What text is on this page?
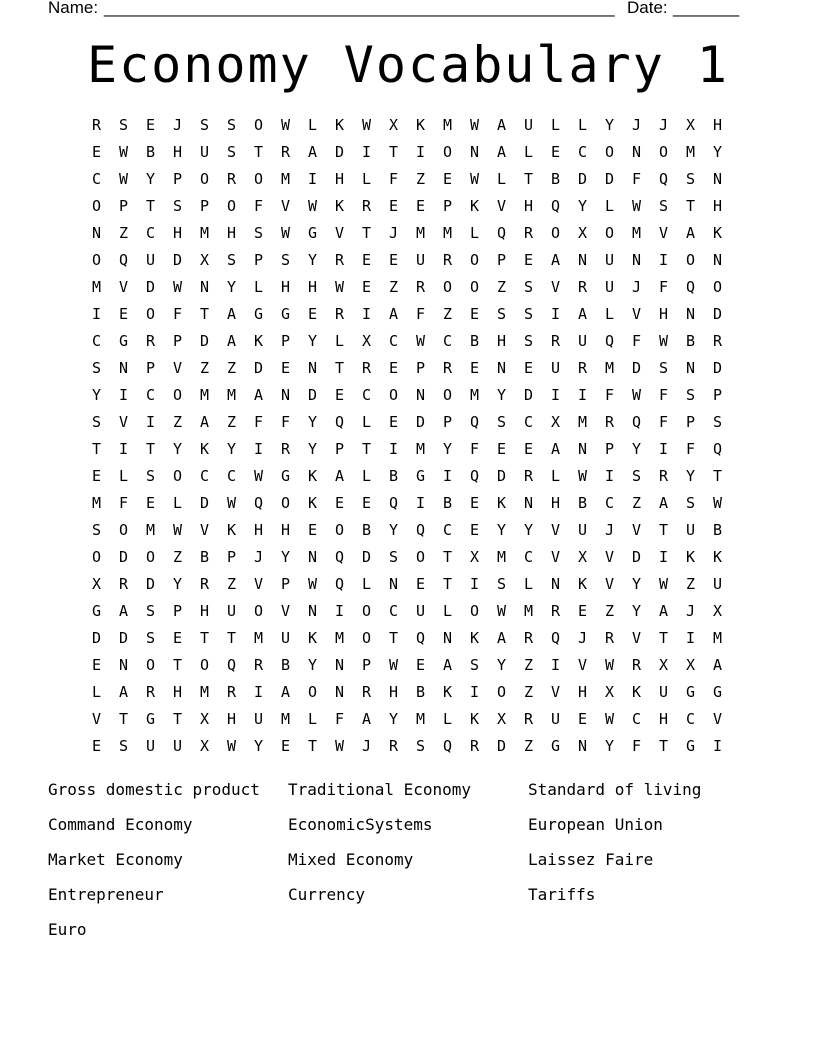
Name: ______________________________________________________ Date: _______
Economy Vocabulary 1
R	S	E	J	S	S	O	W	L	K	W	X	K	M	W	A	U	L	L	Y	J	J	X	H
E	W	B	H	U	S	T	R	A	D	I	T	I	O	N	A	L	E	C	O	N	O	M	Y
C	W	Y	P	O	R	O	M	I	H	L	F	Z	E	W	L	T	B	D	D	F	Q	S	N
O	P	T	S	P	O	F	V	W	K	R	E	E	P	K	V	H	Q	Y	L	W	S	T	H
N	Z	C	H	M	H	S	W	G	V	T	J	M	M	L	Q	R	O	X	O	M	V	A	K
O	Q	U	D	X	S	P	S	Y	R	E	E	U	R	O	P	E	A	N	U	N	I	O	N
M	V	D	W	N	Y	L	H	H	W	E	Z	R	O	O	Z	S	V	R	U	J	F	Q	O
I	E	O	F	T	A	G	G	E	R	I	A	F	Z	E	S	S	I	A	L	V	H	N	D
C	G	R	P	D	A	K	P	Y	L	X	C	W	C	B	H	S	R	U	Q	F	W	B	R
S	N	P	V	Z	Z	D	E	N	T	R	E	P	R	E	N	E	U	R	M	D	S	N	D
Y	I	C	O	M	M	A	N	D	E	C	O	N	O	M	Y	D	I	I	F	W	F	S	P
S	V	I	Z	A	Z	F	F	Y	Q	L	E	D	P	Q	S	C	X	M	R	Q	F	P	S
T	I	T	Y	K	Y	I	R	Y	P	T	I	M	Y	F	E	E	A	N	P	Y	I	F	Q
E	L	S	O	C	C	W	G	K	A	L	B	G	I	Q	D	R	L	W	I	S	R	Y	T
M	F	E	L	D	W	Q	O	K	E	E	Q	I	B	E	K	N	H	B	C	Z	A	S	W
S	O	M	W	V	K	H	H	E	O	B	Y	Q	C	E	Y	Y	V	U	J	V	T	U	B
O	D	O	Z	B	P	J	Y	N	Q	D	S	O	T	X	M	C	V	X	V	D	I	K	K
X	R	D	Y	R	Z	V	P	W	Q	L	N	E	T	I	S	L	N	K	V	Y	W	Z	U
G	A	S	P	H	U	O	V	N	I	O	C	U	L	O	W	M	R	E	Z	Y	A	J	X
D	D	S	E	T	T	M	U	K	M	O	T	Q	N	K	A	R	Q	J	R	V	T	I	M
E	N	O	T	O	Q	R	B	Y	N	P	W	E	A	S	Y	Z	I	V	W	R	X	X	A
L	A	R	H	M	R	I	A	O	N	R	H	B	K	I	O	Z	V	H	X	K	U	G	G
V	T	G	T	X	H	U	M	L	F	A	Y	M	L	K	X	R	U	E	W	C	H	C	V
E	S	U	U	X	W	Y	E	T	W	J	R	S	Q	R	D	Z	G	N	Y	F	T	G	I
Gross domestic product	Traditional Economy	Standard of living
Command Economy	EconomicSystems	European Union
Market Economy	Mixed Economy	Laissez Faire
Entrepreneur	Currency	Tariffs
Euro
